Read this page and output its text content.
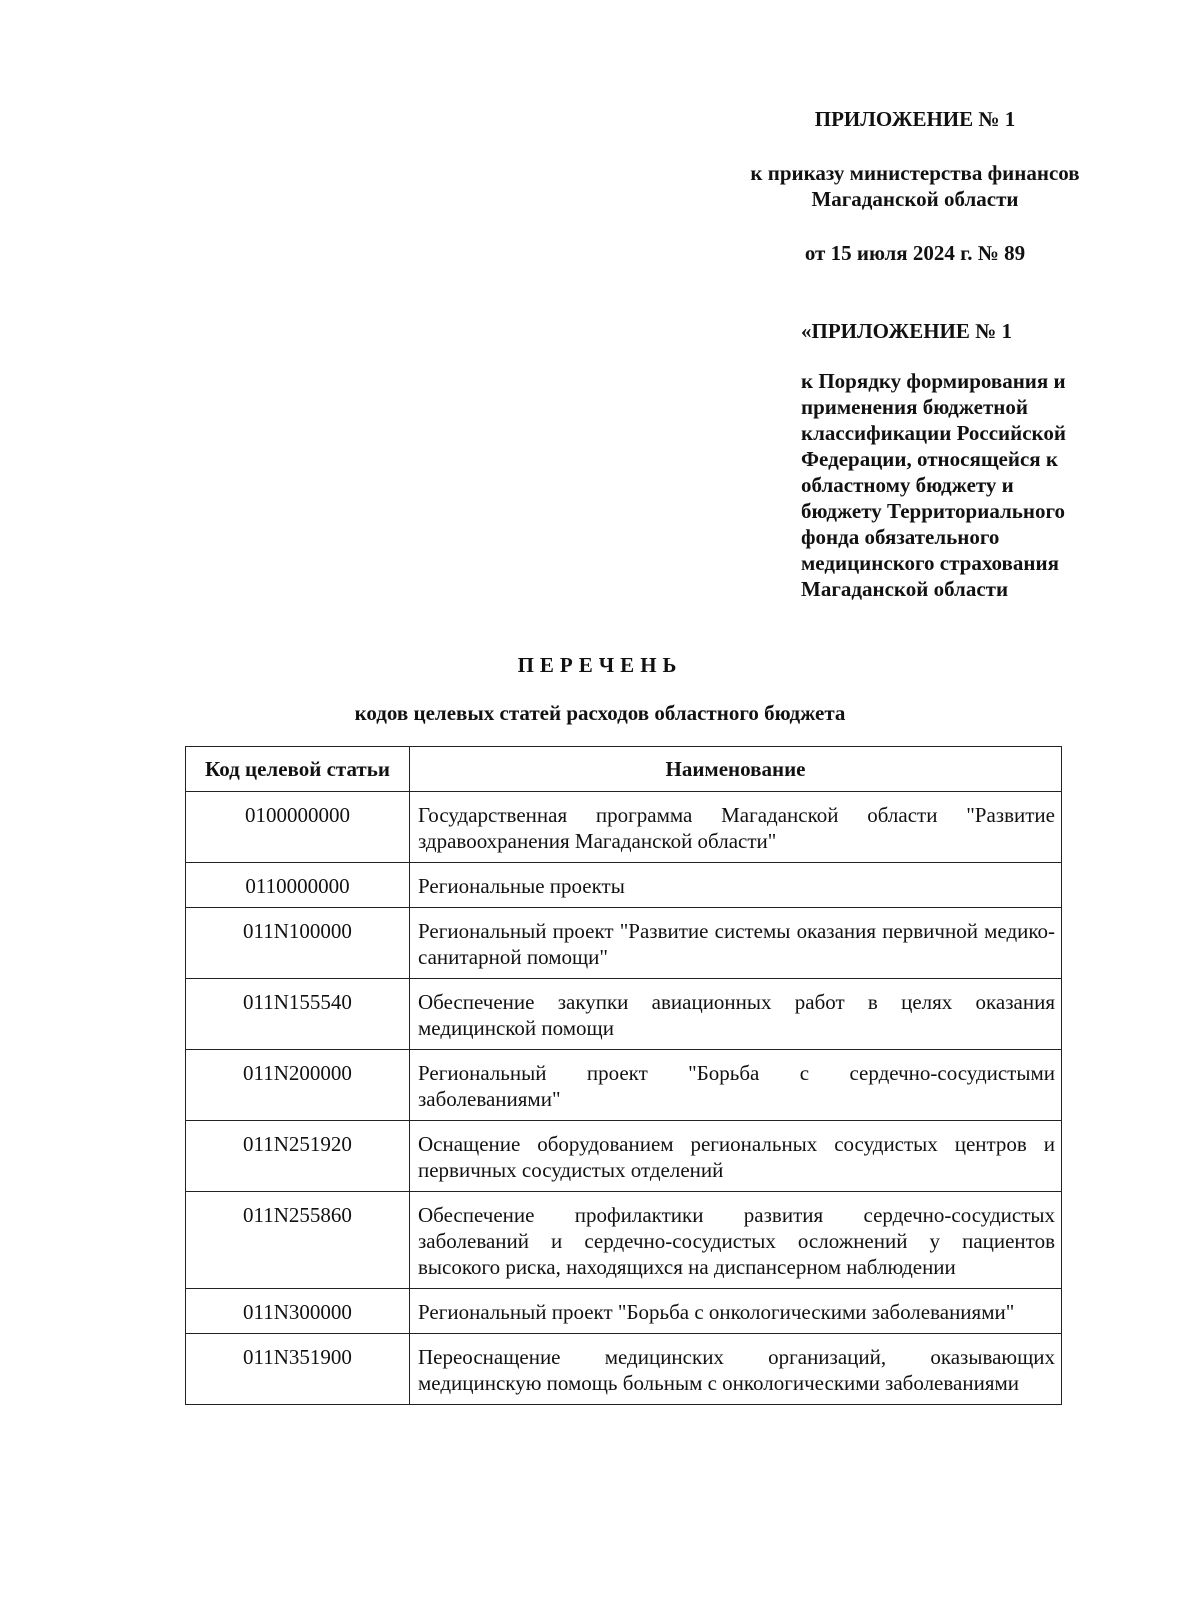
ПРИЛОЖЕНИЕ № 1
к приказу министерства финансов
Магаданской области
от 15 июля 2024 г. № 89
«ПРИЛОЖЕНИЕ № 1
к Порядку формирования и
применения бюджетной
классификации Российской
Федерации, относящейся к
областному бюджету и
бюджету Территориального
фонда обязательного
медицинского страхования
Магаданской области
ПЕРЕЧЕНЬ
кодов целевых статей расходов областного бюджета
Код целевой статьи	Наименование
0100000000	Государственная программа Магаданской области "Развитие здравоохранения Магаданской области"
0110000000	Региональные проекты
011N100000	Региональный проект "Развитие системы оказания первичной медико-санитарной помощи"
011N155540	Обеспечение закупки авиационных работ в целях оказания медицинской помощи
011N200000	Региональный проект "Борьба с сердечно-сосудистыми заболеваниями"
011N251920	Оснащение оборудованием региональных сосудистых центров и первичных сосудистых отделений
011N255860	Обеспечение профилактики развития сердечно-сосудистых заболеваний и сердечно-сосудистых осложнений у пациентов высокого риска, находящихся на диспансерном наблюдении
011N300000	Региональный проект "Борьба с онкологическими заболеваниями"
011N351900	Переоснащение медицинских организаций, оказывающих медицинскую помощь больным с онкологическими заболеваниями
